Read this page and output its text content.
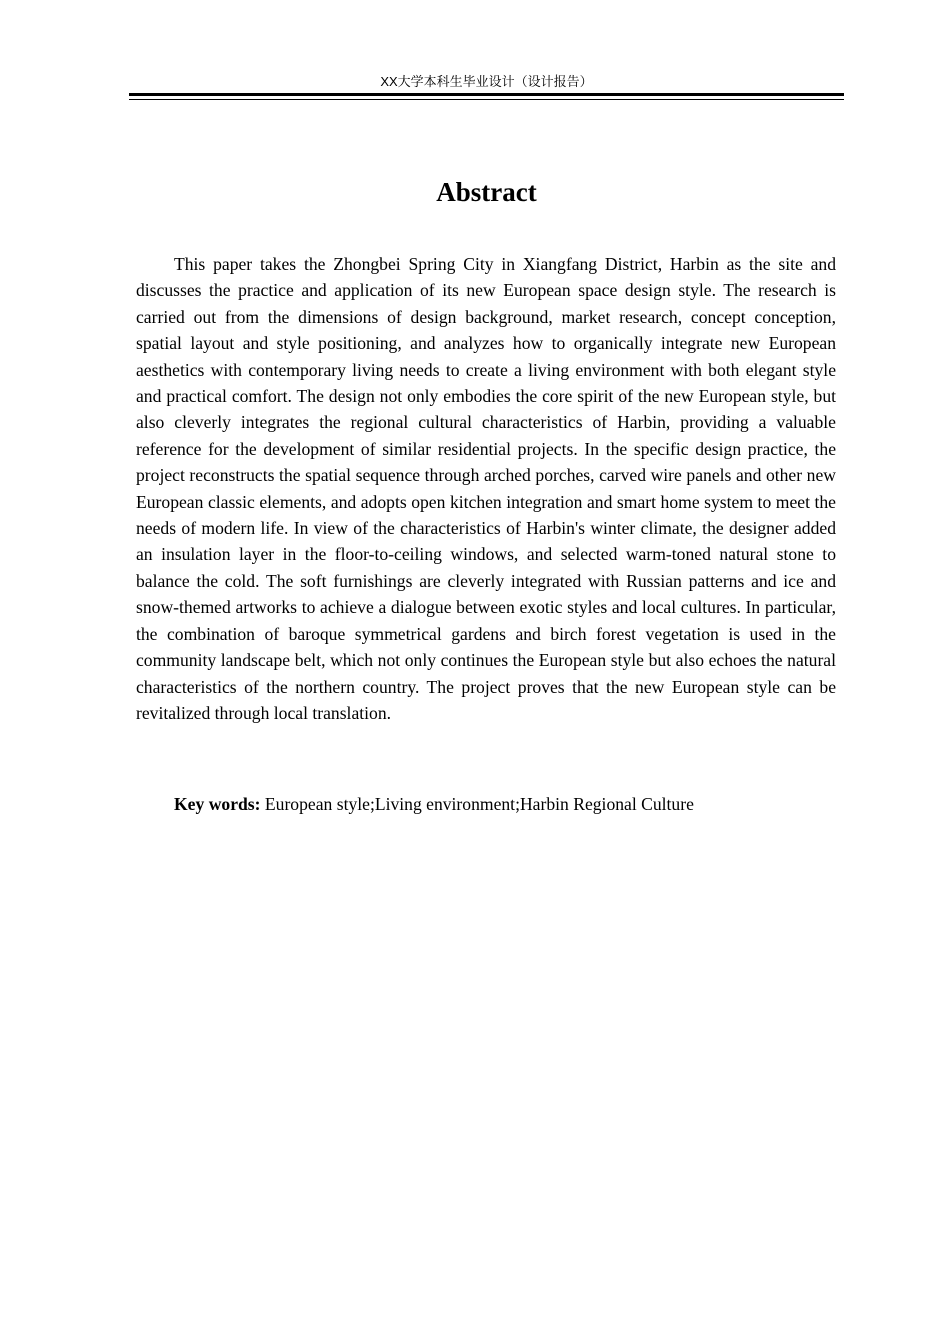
XX大学本科生毕业设计（设计报告）
Abstract

This paper takes the Zhongbei Spring City in Xiangfang District, Harbin as the site and discusses the practice and application of its new European space design style. The research is carried out from the dimensions of design background, market research, concept conception, spatial layout and style positioning, and analyzes how to organically integrate new European aesthetics with contemporary living needs to create a living environment with both elegant style and practical comfort. The design not only embodies the core spirit of the new European style, but also cleverly integrates the regional cultural characteristics of Harbin, providing a valuable reference for the development of similar residential projects. In the specific design practice, the project reconstructs the spatial sequence through arched porches, carved wire panels and other new European classic elements, and adopts open kitchen integration and smart home system to meet the needs of modern life. In view of the characteristics of Harbin's winter climate, the designer added an insulation layer in the floor-to-ceiling windows, and selected warm-toned natural stone to balance the cold. The soft furnishings are cleverly integrated with Russian patterns and ice and snow-themed artworks to achieve a dialogue between exotic styles and local cultures. In particular, the combination of baroque symmetrical gardens and birch forest vegetation is used in the community landscape belt, which not only continues the European style but also echoes the natural characteristics of the northern country. The project proves that the new European style can be revitalized through local translation.

Key words: European style;Living environment;Harbin Regional Culture
